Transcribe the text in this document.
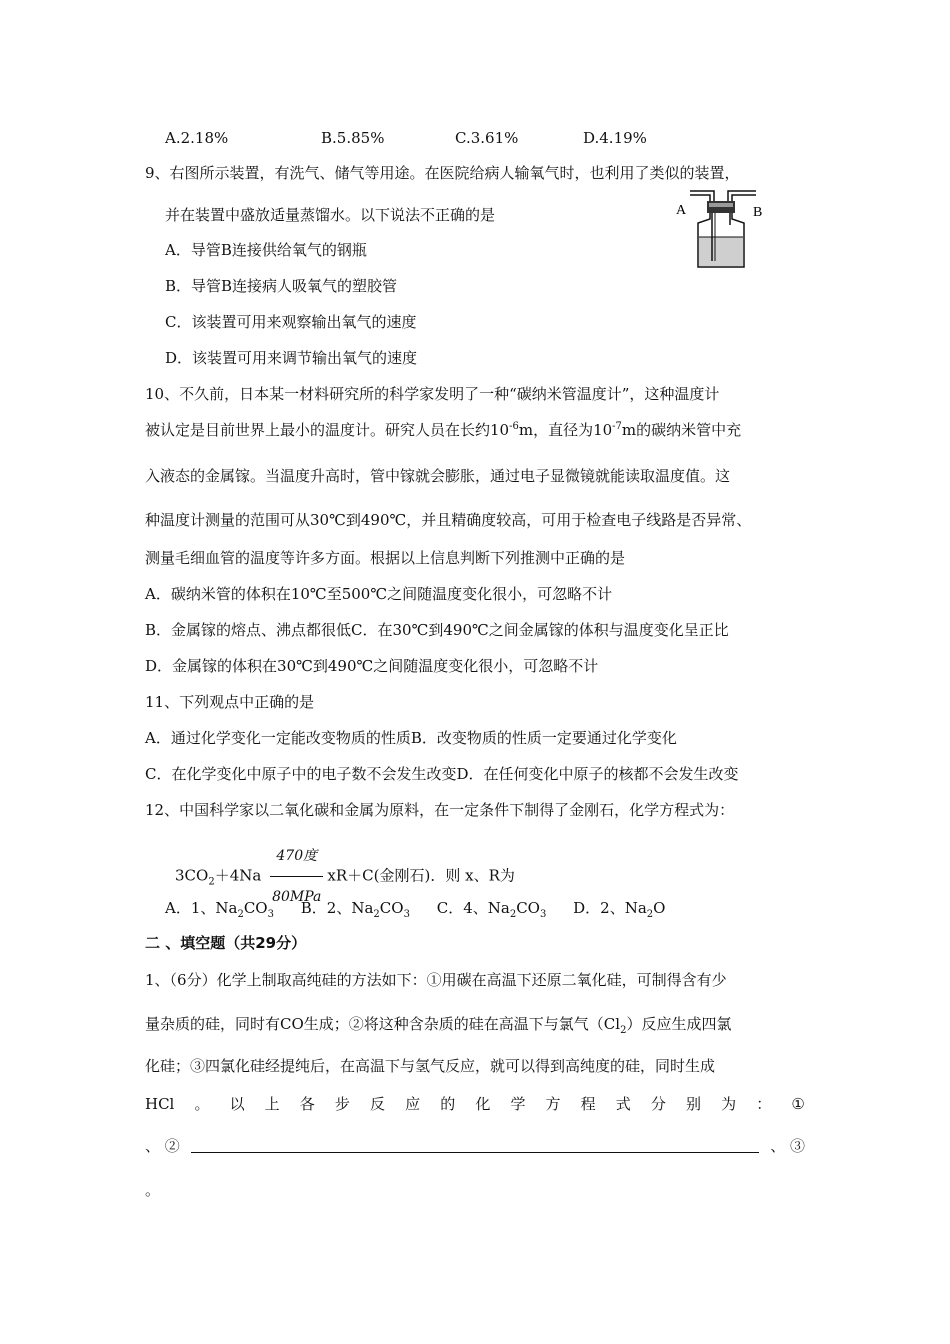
A.2.18%	B.5.85%	C.3.61%	D.4.19%
9、右图所示装置，有洗气、储气等用途。在医院给病人输氧气时，也利用了类似的装置，
并在装置中盛放适量蒸馏水。以下说法不正确的是
A．导管B连接供给氧气的钢瓶
B．导管B连接病人吸氧气的塑胶管
C．该装置可用来观察输出氧气的速度
D．该装置可用来调节输出氧气的速度
A	B
10、不久前，日本某一材料研究所的科学家发明了一种“碳纳米管温度计”，这种温度计
被认定是目前世界上最小的温度计。研究人员在长约$10^{-6}m$，直径为$10^{-7}m$的碳纳米管中充
入液态的金属镓。当温度升高时，管中镓就会膨胀，通过电子显微镜就能读取温度值。这
种温度计测量的范围可从30℃到490℃，并且精确度较高，可用于检查电子线路是否异常、
测量毛细血管的温度等许多方面。根据以上信息判断下列推测中正确的是
A．碳纳米管的体积在10℃至500℃之间随温度变化很小，可忽略不计
B．金属镓的熔点、沸点都很低C．在30℃到490℃之间金属镓的体积与温度变化呈正比
D．金属镓的体积在30℃到490℃之间随温度变化很小，可忽略不计
11、下列观点中正确的是
A．通过化学变化一定能改变物质的性质B．改变物质的性质一定要通过化学变化
C．在化学变化中原子中的电子数不会发生改变D．在任何变化中原子的核都不会发生改变
12、中国科学家以二氧化碳和金属为原料，在一定条件下制得了金刚石，化学方程式为：
$3CO_2+4Na \frac{\text{470度}}{\text{80MPa}} xR+C$(金刚石)．则 x、R为
A．1、$Na_2CO_3$ B．2、$Na_2CO_3$ C．4、$Na_2CO_3$ D．2、$Na_2O$
二 、填空题（共29分）
1、（6分）化学上制取高纯硅的方法如下：①用碳在高温下还原二氧化硅，可制得含有少
量杂质的硅，同时有CO生成；②将这种含杂质的硅在高温下与氯气$(Cl_2)$反应生成四氯
化硅；③四氯化硅经提纯后，在高温下与氢气反应，就可以得到高纯度的硅，同时生成
HCl 。 以 上 各 步 反 应 的 化 学 方 程 式 分 别 为 ： ①
、 ②	、 ③
。
